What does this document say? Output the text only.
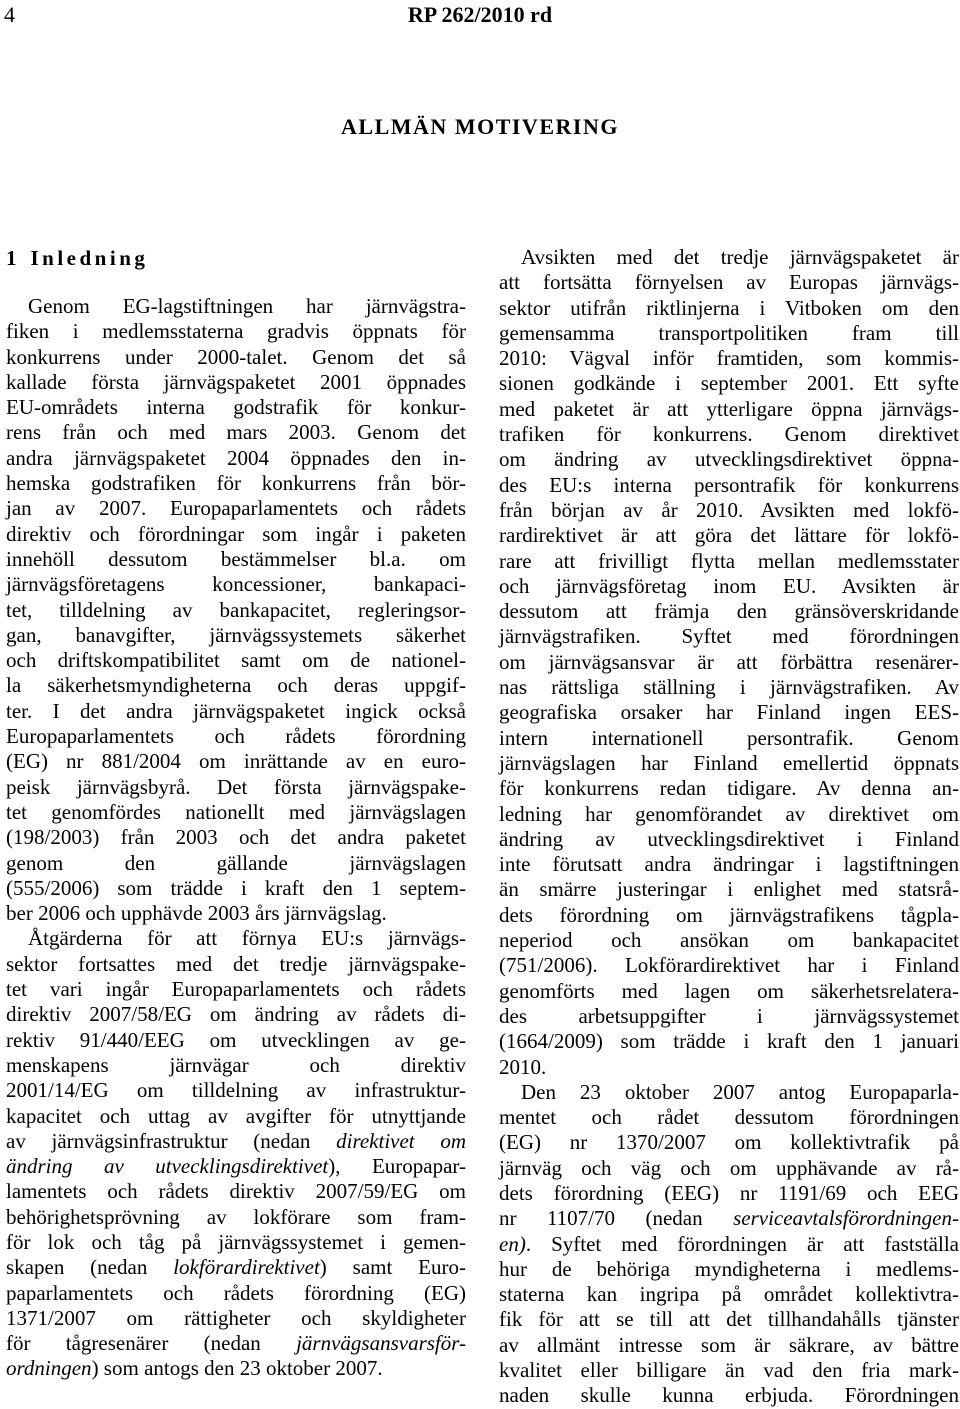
4	RP 262/2010 rd
ALLMÄN MOTIVERING
1 Inledning

Genom EG-lagstiftningen har järnvägstra-

fiken i medlemsstaterna gradvis öppnats för

konkurrens under 2000-talet. Genom det så

kallade första järnvägspaketet 2001 öppnades

EU-områdets interna godstrafik för konkur-

rens från och med mars 2003. Genom det

andra järnvägspaketet 2004 öppnades den in-

hemska godstrafiken för konkurrens från bör-

jan av 2007. Europaparlamentets och rådets

direktiv och förordningar som ingår i paketen

innehöll dessutom bestämmelser bl.a. om

järnvägsföretagens koncessioner, bankapaci-

tet, tilldelning av bankapacitet, regleringsor-

gan, banavgifter, järnvägssystemets säkerhet

och driftskompatibilitet samt om de nationel-

la säkerhetsmyndigheterna och deras uppgif-

ter. I det andra järnvägspaketet ingick också

Europaparlamentets och rådets förordning

(EG) nr 881/2004 om inrättande av en euro-

peisk järnvägsbyrå. Det första järnvägspake-

tet genomfördes nationellt med järnvägslagen

(198/2003) från 2003 och det andra paketet

genom den gällande järnvägslagen

(555/2006) som trädde i kraft den 1 septem-

ber 2006 och upphävde 2003 års järnvägslag.

Åtgärderna för att förnya EU:s järnvägs-

sektor fortsattes med det tredje järnvägspake-

tet vari ingår Europaparlamentets och rådets

direktiv 2007/58/EG om ändring av rådets di-

rektiv 91/440/EEG om utvecklingen av ge-

menskapens järnvägar och direktiv

2001/14/EG om tilldelning av infrastruktur-

kapacitet och uttag av avgifter för utnyttjande

av järnvägsinfrastruktur (nedan direktivet om

ändring av utvecklingsdirektivet), Europapar-

lamentets och rådets direktiv 2007/59/EG om

behörighetsprövning av lokförare som fram-

för lok och tåg på järnvägssystemet i gemen-

skapen (nedan lokförardirektivet) samt Euro-

paparlamentets och rådets förordning (EG)

1371/2007 om rättigheter och skyldigheter

för tågresenärer (nedan järnvägsansvarsför-

ordningen) som antogs den 23 oktober 2007.

Avsikten med det tredje järnvägspaketet är

att fortsätta förnyelsen av Europas järnvägs-

sektor utifrån riktlinjerna i Vitboken om den

gemensamma transportpolitiken fram till

2010: Vägval inför framtiden, som kommis-

sionen godkände i september 2001. Ett syfte

med paketet är att ytterligare öppna järnvägs-

trafiken för konkurrens. Genom direktivet

om ändring av utvecklingsdirektivet öppna-

des EU:s interna persontrafik för konkurrens

från början av år 2010. Avsikten med lokfö-

rardirektivet är att göra det lättare för lokfö-

rare att frivilligt flytta mellan medlemsstater

och järnvägsföretag inom EU. Avsikten är

dessutom att främja den gränsöverskridande

järnvägstrafiken. Syftet med förordningen

om järnvägsansvar är att förbättra resenärer-

nas rättsliga ställning i järnvägstrafiken. Av

geografiska orsaker har Finland ingen EES-

intern internationell persontrafik. Genom

järnvägslagen har Finland emellertid öppnats

för konkurrens redan tidigare. Av denna an-

ledning har genomförandet av direktivet om

ändring av utvecklingsdirektivet i Finland

inte förutsatt andra ändringar i lagstiftningen

än smärre justeringar i enlighet med statsrå-

dets förordning om järnvägstrafikens tågpla-

neperiod och ansökan om bankapacitet

(751/2006). Lokförardirektivet har i Finland

genomförts med lagen om säkerhetsrelatera-

des arbetsuppgifter i järnvägssystemet

(1664/2009) som trädde i kraft den 1 januari

2010.

Den 23 oktober 2007 antog Europaparla-

mentet och rådet dessutom förordningen

(EG) nr 1370/2007 om kollektivtrafik på

järnväg och väg och om upphävande av rå-

dets förordning (EEG) nr 1191/69 och EEG

nr 1107/70 (nedan serviceavtalsförordningen-

en). Syftet med förordningen är att fastställa

hur de behöriga myndigheterna i medlems-

staterna kan ingripa på området kollektivtra-

fik för att se till att det tillhandahålls tjänster

av allmänt intresse som är säkrare, av bättre

kvalitet eller billigare än vad den fria mark-

naden skulle kunna erbjuda. Förordningen
